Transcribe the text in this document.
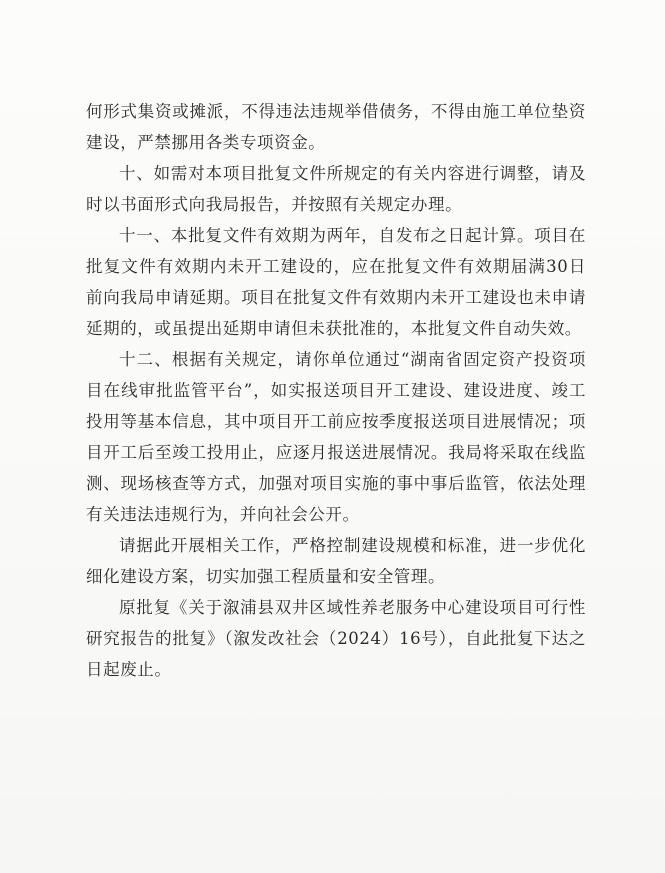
何形式集资或摊派，不得违法违规举借债务，不得由施工单位垫资建设，严禁挪用各类专项资金。

十、如需对本项目批复文件所规定的有关内容进行调整，请及时以书面形式向我局报告，并按照有关规定办理。

十一、本批复文件有效期为两年，自发布之日起计算。项目在批复文件有效期内未开工建设的，应在批复文件有效期届满30日前向我局申请延期。项目在批复文件有效期内未开工建设也未申请延期的，或虽提出延期申请但未获批准的，本批复文件自动失效。

十二、根据有关规定，请你单位通过“湖南省固定资产投资项目在线审批监管平台”，如实报送项目开工建设、建设进度、竣工投用等基本信息，其中项目开工前应按季度报送项目进展情况；项目开工后至竣工投用止，应逐月报送进展情况。我局将采取在线监测、现场核查等方式，加强对项目实施的事中事后监管，依法处理有关违法违规行为，并向社会公开。

请据此开展相关工作，严格控制建设规模和标准，进一步优化细化建设方案，切实加强工程质量和安全管理。

原批复《关于溆浦县双井区域性养老服务中心建设项目可行性研究报告的批复》（溆发改社会（2024）16号），自此批复下达之日起废止。
